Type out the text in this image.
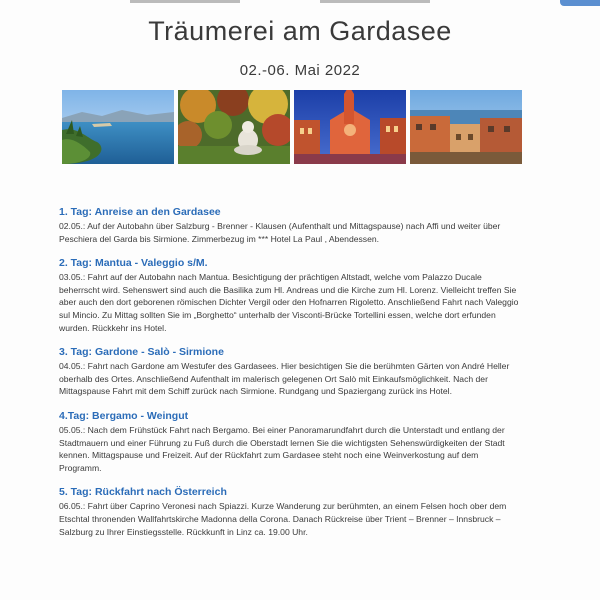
Träumerei am Gardasee
02.-06. Mai 2022

1. Tag: Anreise an den Gardasee

02.05.: Auf der Autobahn über Salzburg - Brenner - Klausen (Aufenthalt und Mittagspause) nach Affi und weiter über Peschiera del Garda bis Sirmione. Zimmerbezug im *** Hotel La Paul , Abendessen.

2. Tag: Mantua - Valeggio s/M.

03.05.: Fahrt auf der Autobahn nach Mantua. Besichtigung der prächtigen Altstadt, welche vom Palazzo Ducale beherrscht wird. Sehenswert sind auch die Basilika zum Hl. Andreas und die Kirche zum Hl. Lorenz. Vielleicht treffen Sie aber auch den dort geborenen römischen Dichter Vergil oder den Hofnarren Rigoletto. Anschließend Fahrt nach Valeggio sul Mincio. Zu Mittag sollten Sie im „Borghetto“ unterhalb der Visconti-Brücke Tortellini essen, welche dort erfunden wurden. Rückkehr ins Hotel.

3. Tag: Gardone - Salò - Sirmione

04.05.: Fahrt nach Gardone am Westufer des Gardasees. Hier besichtigen Sie die berühmten Gärten von André Heller oberhalb des Ortes. Anschließend Aufenthalt im malerisch gelegenen Ort Salò mit Einkaufsmöglichkeit. Nach der Mittagspause Fahrt mit dem Schiff zurück nach Sirmione. Rundgang und Spaziergang zurück ins Hotel.

4.Tag: Bergamo - Weingut

05.05.: Nach dem Frühstück Fahrt nach Bergamo. Bei einer Panoramarundfahrt durch die Unterstadt und entlang der Stadtmauern und einer Führung zu Fuß durch die Oberstadt lernen Sie die wichtigsten Sehenswürdigkeiten der Stadt kennen. Mittagspause und Freizeit. Auf der Rückfahrt zum Gardasee steht noch eine Weinverkostung auf dem Programm.

5. Tag: Rückfahrt nach Österreich

06.05.: Fahrt über Caprino Veronesi nach Spiazzi. Kurze Wanderung zur berühmten, an einem Felsen hoch ober dem Etschtal thronenden Wallfahrtskirche Madonna della Corona. Danach Rückreise über Trient – Brenner – Innsbruck – Salzburg zu Ihrer Einstiegsstelle. Rückkunft in Linz ca. 19.00 Uhr.
